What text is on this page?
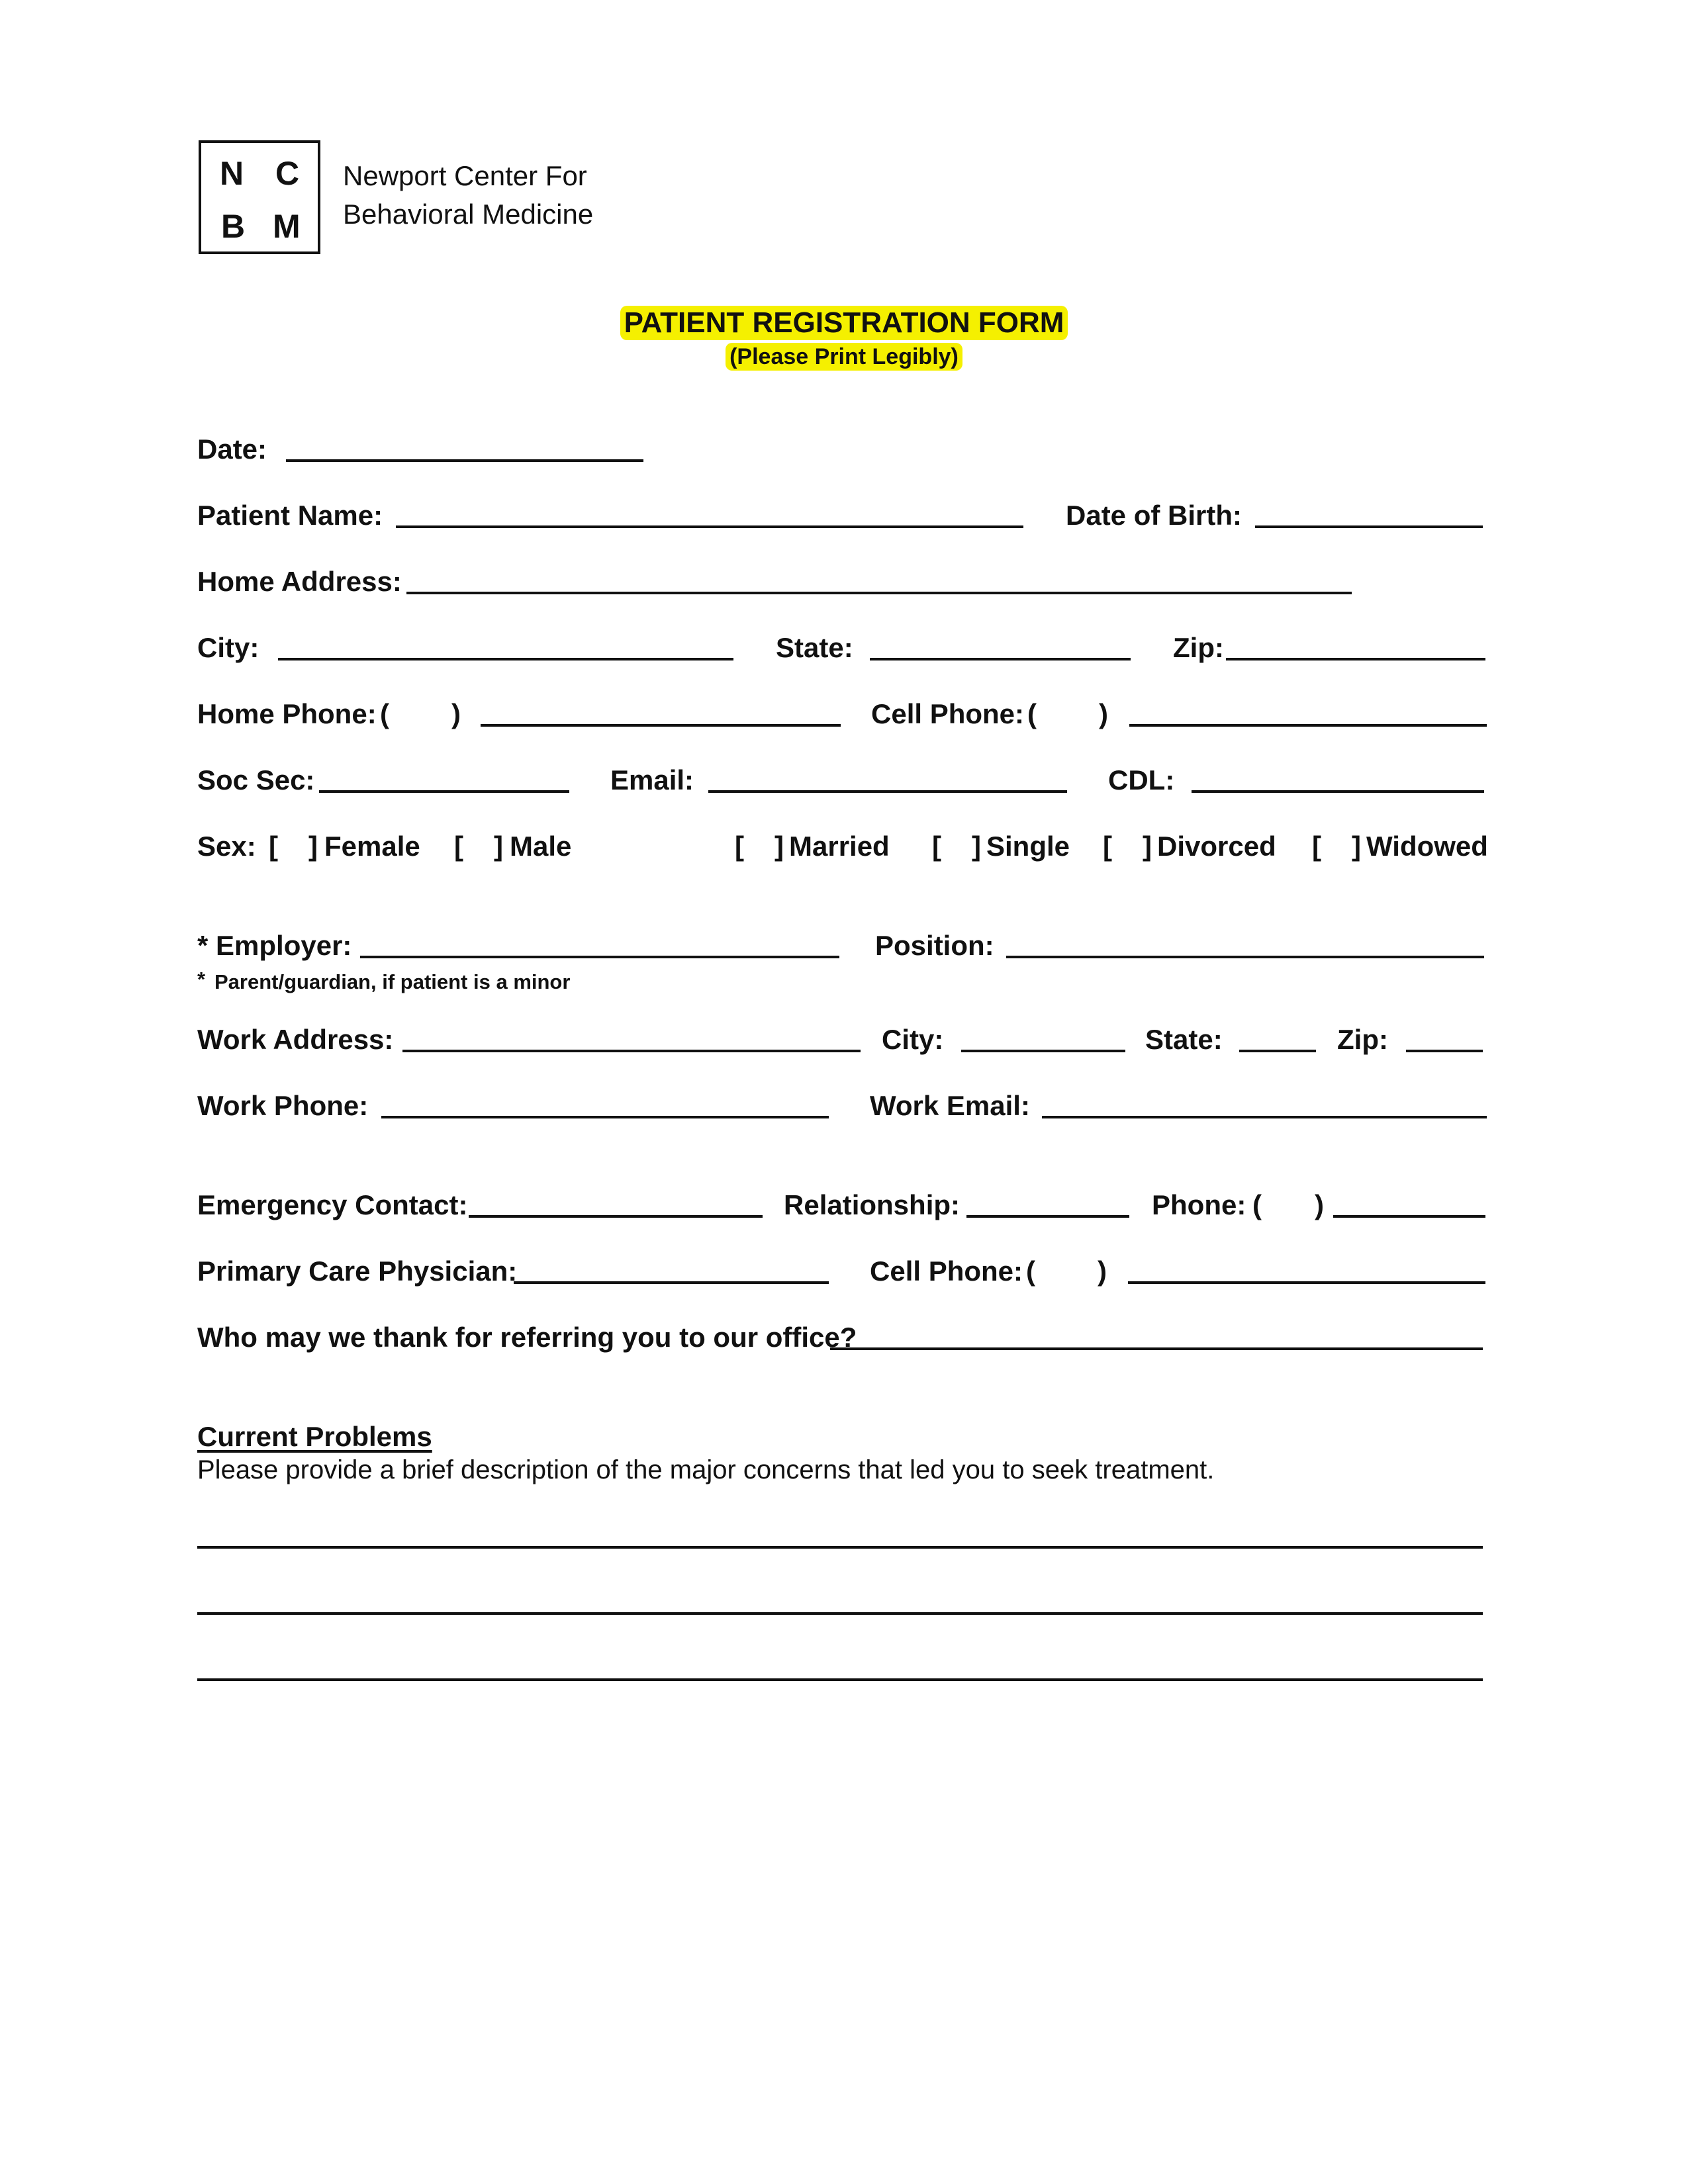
N C
B M
Newport Center For
Behavioral Medicine
PATIENT REGISTRATION FORM
(Please Print Legibly)
Date:
Patient Name:	Date of Birth:
Home Address:
City:	State:	Zip:
Home Phone: ( )	Cell Phone: ( )
Soc Sec:	Email:	CDL:
Sex: [ ] Female [ ] Male	[ ] Married [ ] Single [ ] Divorced [ ] Widowed
* Employer:	Position:
* Parent/guardian, if patient is a minor
Work Address:	City:	State:	Zip:
Work Phone:	Work Email:
Emergency Contact:	Relationship:	Phone: ( )
Primary Care Physician:	Cell Phone: ( )
Who may we thank for referring you to our office?
Current Problems
Please provide a brief description of the major concerns that led you to seek treatment.
